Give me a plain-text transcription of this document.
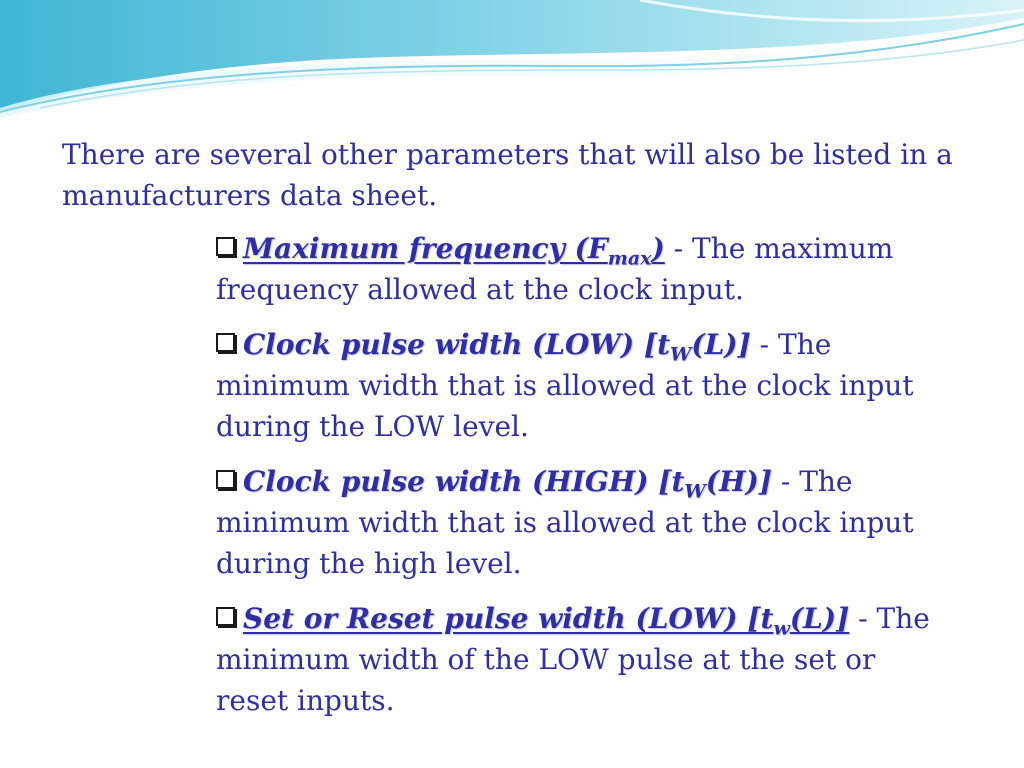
There are several other parameters that will also be listed in a manufacturers data sheet.

Maximum frequency $(F_{max})$ - The maximum frequency allowed at the clock input.

Clock pulse width (LOW) $[t_W(L)]$ - The minimum width that is allowed at the clock input during the LOW level.

Clock pulse width (HIGH) $[t_W(H)]$ - The minimum width that is allowed at the clock input during the high level.

Set or Reset pulse width (LOW) $[t_w(L)]$ - The minimum width of the LOW pulse at the set or reset inputs.
